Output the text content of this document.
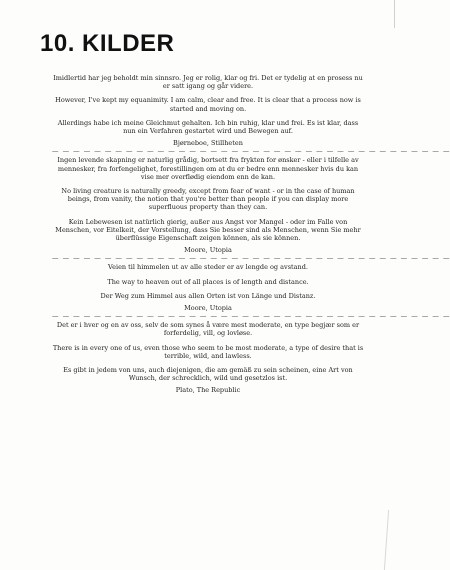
10. KILDER

Imidlertid har jeg beholdt min sinnsro. Jeg er rolig, klar og fri. Det er tydelig at en prosess nu er satt igang og går videre.

However, I've kept my equanimity. I am calm, clear and free. It is clear that a process now is started and moving on.

Allerdings habe ich meine Gleichmut gehalten. Ich bin ruhig, klar und frei. Es ist klar, dass nun ein Verfahren gestartet wird und Bewegen auf.

Bjørneboe, Stillheten

— — — — — — — — — — — — — — — — — — — — — — — — — — — — — — — — — — — — — —

Ingen levende skapning er naturlig grådig, bortsett fra frykten for ønsker - eller i tilfelle av mennesker, fra forfengelighet, forestillingen om at du er bedre enn mennesker hvis du kan vise mer overflødig eiendom enn de kan.

No living creature is naturally greedy, except from fear of want - or in the case of human beings, from vanity, the notion that you're better than people if you can display more superfluous property than they can.

Kein Lebewesen ist natürlich gierig, außer aus Angst vor Mangel - oder im Falle von Menschen, vor Eitelkeit, der Vorstellung, dass Sie besser sind als Menschen, wenn Sie mehr überflüssige Eigenschaft zeigen können, als sie können.

Moore, Utopia

— — — — — — — — — — — — — — — — — — — — — — — — — — — — — — — — — — — — — —

Veien til himmelen ut av alle steder er av lengde og avstand.

The way to heaven out of all places is of length and distance.

Der Weg zum Himmel aus allen Orten ist von Länge und Distanz.

Moore, Utopia

— — — — — — — — — — — — — — — — — — — — — — — — — — — — — — — — — — — — — —

Det er i hver og en av oss, selv de som synes å være mest moderate, en type begjær som er forferdelig, vill, og lovløse.

There is in every one of us, even those who seem to be most moderate, a type of desire that is terrible, wild, and lawless.

Es gibt in jedem von uns, auch diejenigen, die am gemäß zu sein scheinen, eine Art von Wunsch, der schrecklich, wild und gesetzlos ist.

Plato, The Republic
